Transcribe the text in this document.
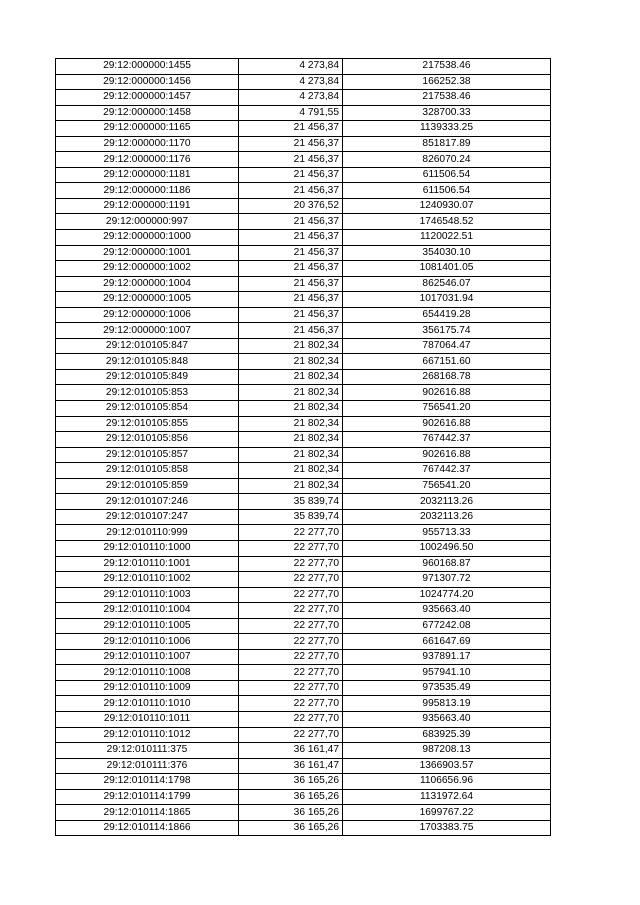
29:12:000000:1455	4 273,84	217538.46
29:12:000000:1456	4 273,84	166252.38
29:12:000000:1457	4 273,84	217538.46
29:12:000000:1458	4 791,55	328700.33
29:12:000000:1165	21 456,37	1139333.25
29:12:000000:1170	21 456,37	851817.89
29:12:000000:1176	21 456,37	826070.24
29:12:000000:1181	21 456,37	611506.54
29:12:000000:1186	21 456,37	611506.54
29:12:000000:1191	20 376,52	1240930.07
29:12:000000:997	21 456,37	1746548.52
29:12:000000:1000	21 456,37	1120022.51
29:12:000000:1001	21 456,37	354030.10
29:12:000000:1002	21 456,37	1081401.05
29:12:000000:1004	21 456,37	862546.07
29:12:000000:1005	21 456,37	1017031.94
29:12:000000:1006	21 456,37	654419.28
29:12:000000:1007	21 456,37	356175.74
29:12:010105:847	21 802,34	787064.47
29:12:010105:848	21 802,34	667151.60
29:12:010105:849	21 802,34	268168.78
29:12:010105:853	21 802,34	902616.88
29:12:010105:854	21 802,34	756541.20
29:12:010105:855	21 802,34	902616.88
29:12:010105:856	21 802,34	767442.37
29:12:010105:857	21 802,34	902616.88
29:12:010105:858	21 802,34	767442.37
29:12:010105:859	21 802,34	756541.20
29:12:010107:246	35 839,74	2032113.26
29:12:010107:247	35 839,74	2032113.26
29:12:010110:999	22 277,70	955713.33
29:12:010110:1000	22 277,70	1002496.50
29:12:010110:1001	22 277,70	960168.87
29:12:010110:1002	22 277,70	971307.72
29:12:010110:1003	22 277,70	1024774.20
29:12:010110:1004	22 277,70	935663.40
29:12:010110:1005	22 277,70	677242.08
29:12:010110:1006	22 277,70	661647.69
29:12:010110:1007	22 277,70	937891.17
29:12:010110:1008	22 277,70	957941.10
29:12:010110:1009	22 277,70	973535.49
29:12:010110:1010	22 277,70	995813.19
29:12:010110:1011	22 277,70	935663.40
29:12:010110:1012	22 277,70	683925.39
29:12:010111:375	36 161,47	987208.13
29:12:010111:376	36 161,47	1366903.57
29:12:010114:1798	36 165,26	1106656.96
29:12:010114:1799	36 165,26	1131972.64
29:12:010114:1865	36 165,26	1699767.22
29:12:010114:1866	36 165,26	1703383.75
